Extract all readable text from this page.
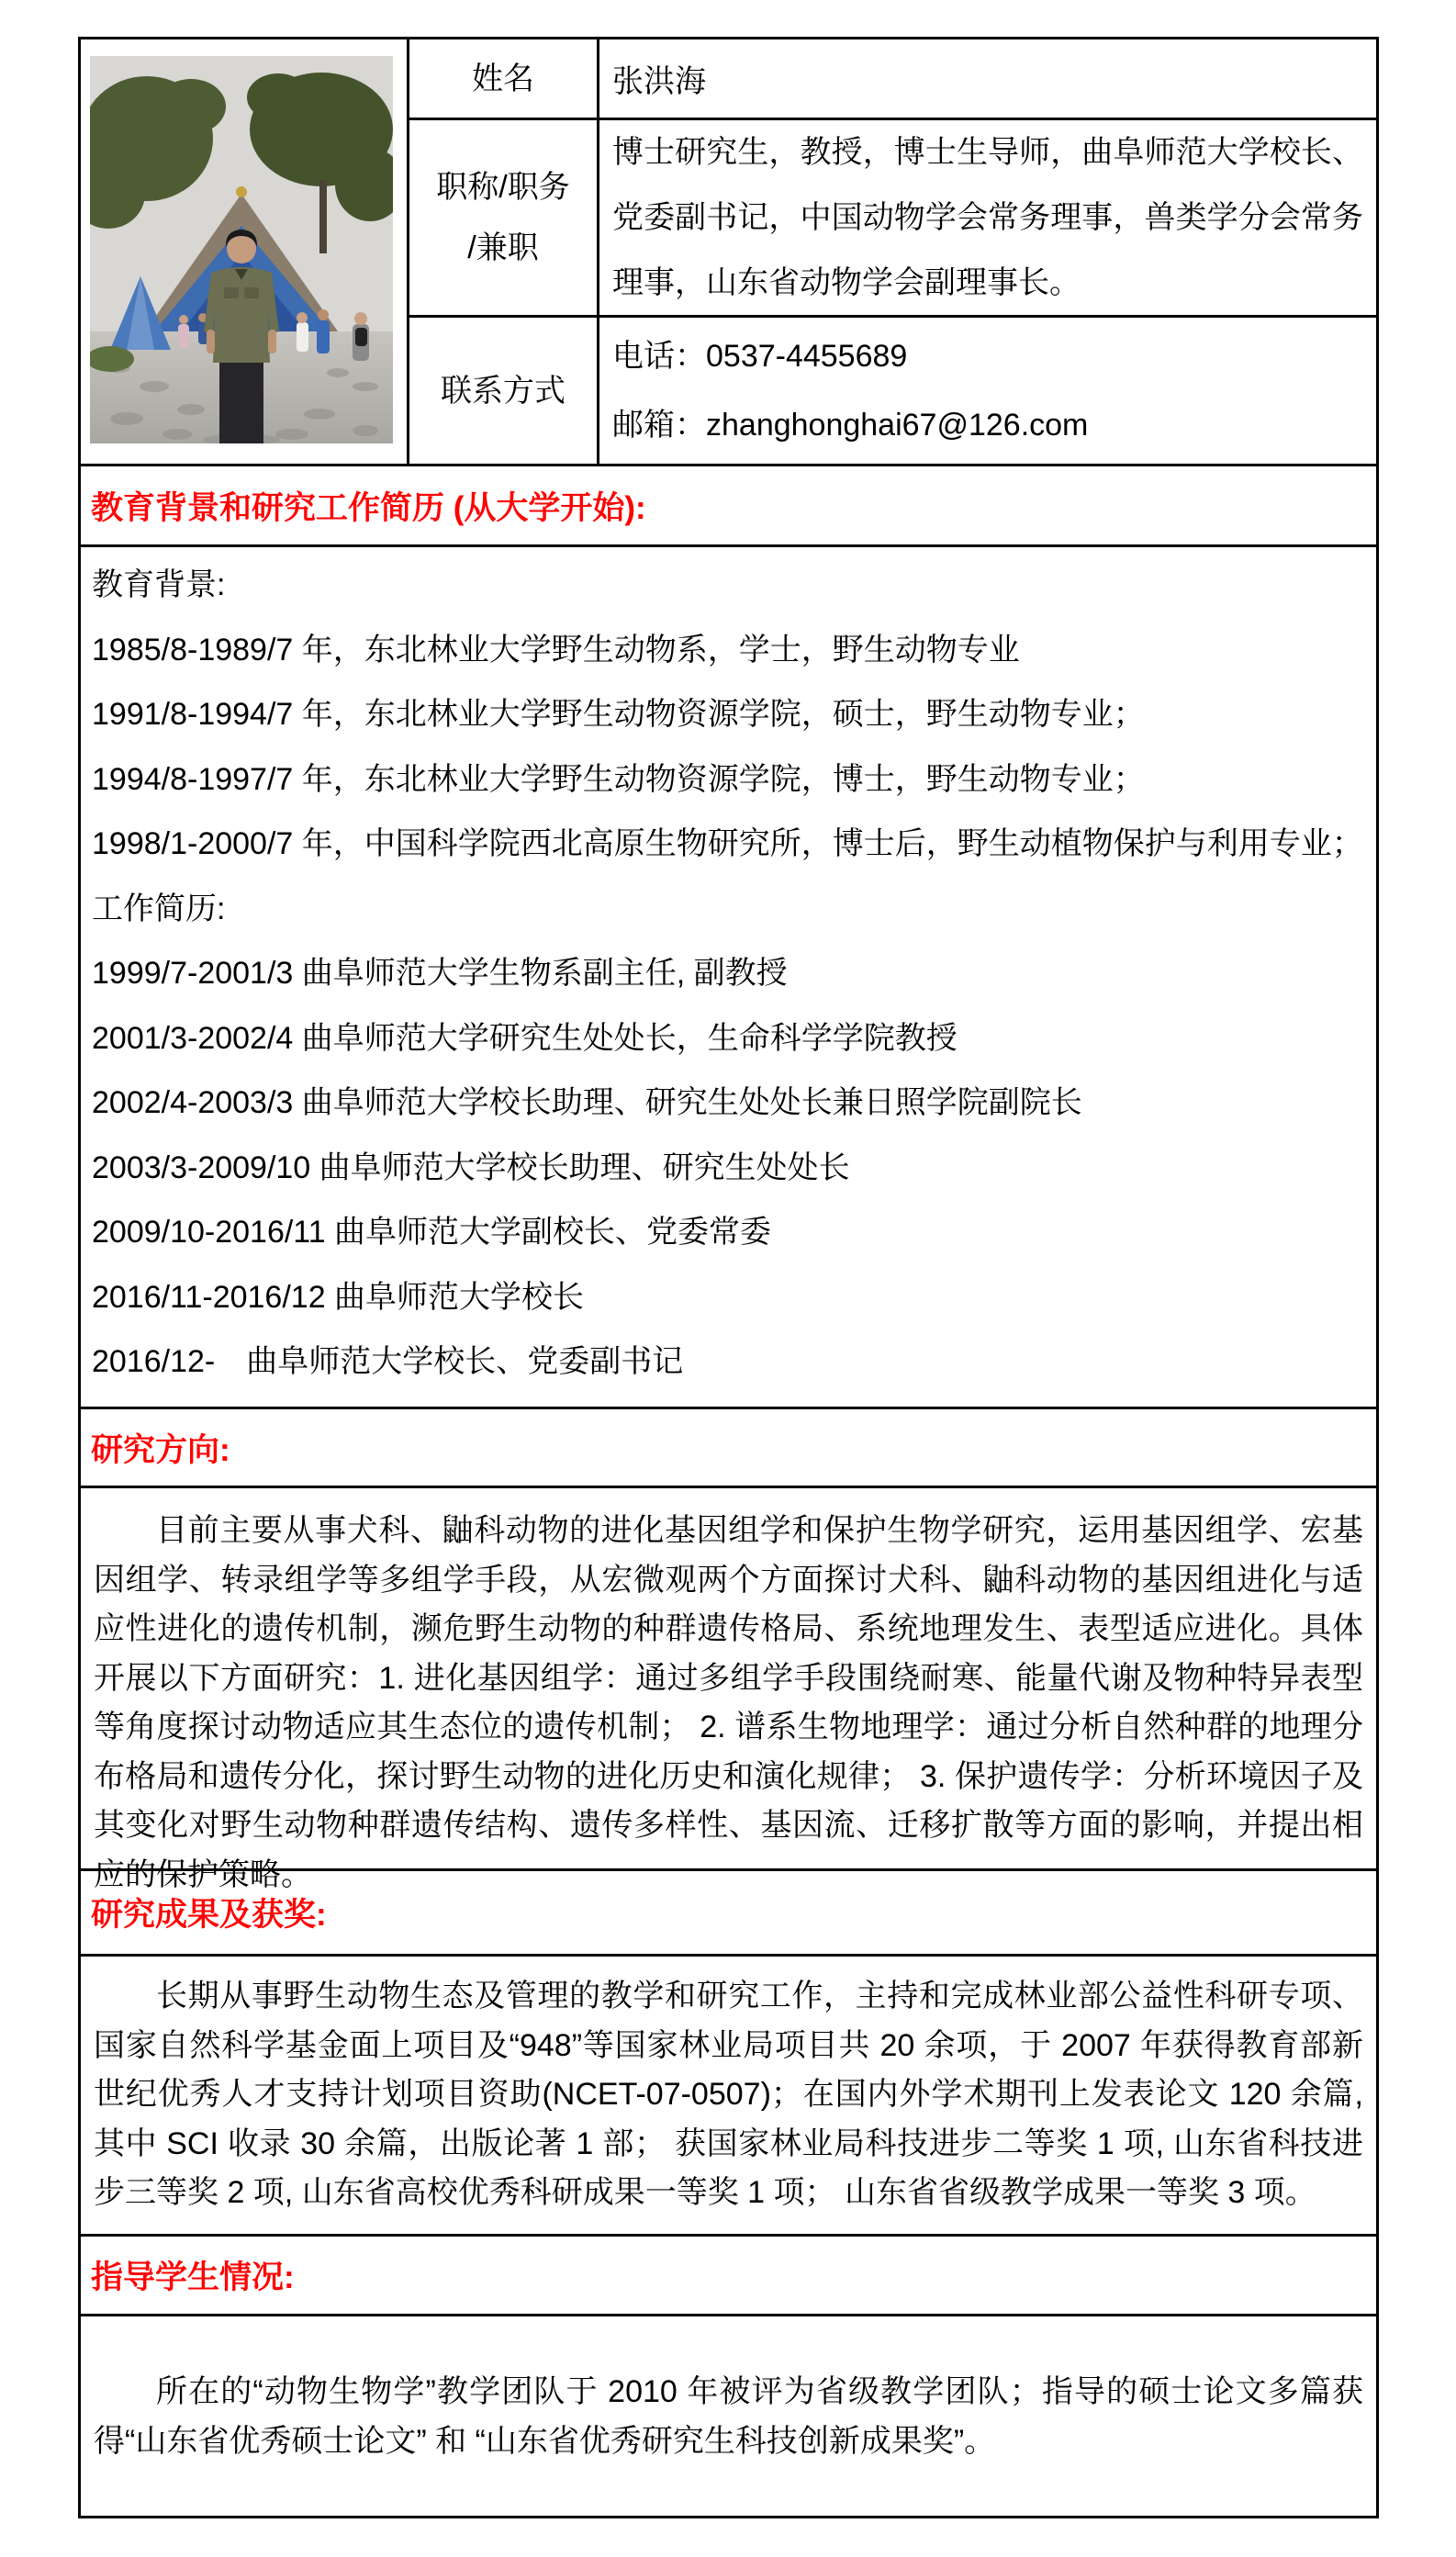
姓名	张洪海
职称/职务
/兼职
博士研究生，教授，博士生导师，曲阜师范大学校长、党委副书记，中国动物学会常务理事，兽类学分会常务理事，山东省动物学会副理事长。
联系方式
电话：0537-4455689
邮箱：zhanghonghai67@126.com
教育背景和研究工作简历 (从大学开始):

教育背景:

1985/8-1989/7 年，东北林业大学野生动物系，学士，野生动物专业

1991/8-1994/7 年，东北林业大学野生动物资源学院，硕士，野生动物专业；

1994/8-1997/7 年，东北林业大学野生动物资源学院，博士，野生动物专业；

1998/1-2000/7 年，中国科学院西北高原生物研究所，博士后，野生动植物保护与利用专业；

工作简历:

1999/7-2001/3 曲阜师范大学生物系副主任, 副教授

2001/3-2002/4 曲阜师范大学研究生处处长，生命科学学院教授

2002/4-2003/3 曲阜师范大学校长助理、研究生处处长兼日照学院副院长

2003/3-2009/10 曲阜师范大学校长助理、研究生处处长

2009/10-2016/11 曲阜师范大学副校长、党委常委

2016/11-2016/12 曲阜师范大学校长

2016/12-　曲阜师范大学校长、党委副书记

研究方向:

目前主要从事犬科、鼬科动物的进化基因组学和保护生物学研究，运用基因组学、宏基因组学、转录组学等多组学手段，从宏微观两个方面探讨犬科、鼬科动物的基因组进化与适应性进化的遗传机制，濒危野生动物的种群遗传格局、系统地理发生、表型适应进化。具体开展以下方面研究：1. 进化基因组学：通过多组学手段围绕耐寒、能量代谢及物种特异表型等角度探讨动物适应其生态位的遗传机制； 2. 谱系生物地理学：通过分析自然种群的地理分布格局和遗传分化，探讨野生动物的进化历史和演化规律； 3. 保护遗传学：分析环境因子及其变化对野生动物种群遗传结构、遗传多样性、基因流、迁移扩散等方面的影响，并提出相应的保护策略。

研究成果及获奖:

长期从事野生动物生态及管理的教学和研究工作，主持和完成林业部公益性科研专项、国家自然科学基金面上项目及“948”等国家林业局项目共 20 余项，于 2007 年获得教育部新世纪优秀人才支持计划项目资助(NCET-07-0507)；在国内外学术期刊上发表论文 120 余篇, 其中 SCI 收录 30 余篇，出版论著 1 部； 获国家林业局科技进步二等奖 1 项, 山东省科技进步三等奖 2 项, 山东省高校优秀科研成果一等奖 1 项； 山东省省级教学成果一等奖 3 项。

指导学生情况:

所在的“动物生物学”教学团队于 2010 年被评为省级教学团队；指导的硕士论文多篇获得“山东省优秀硕士论文” 和 “山东省优秀研究生科技创新成果奖”。
